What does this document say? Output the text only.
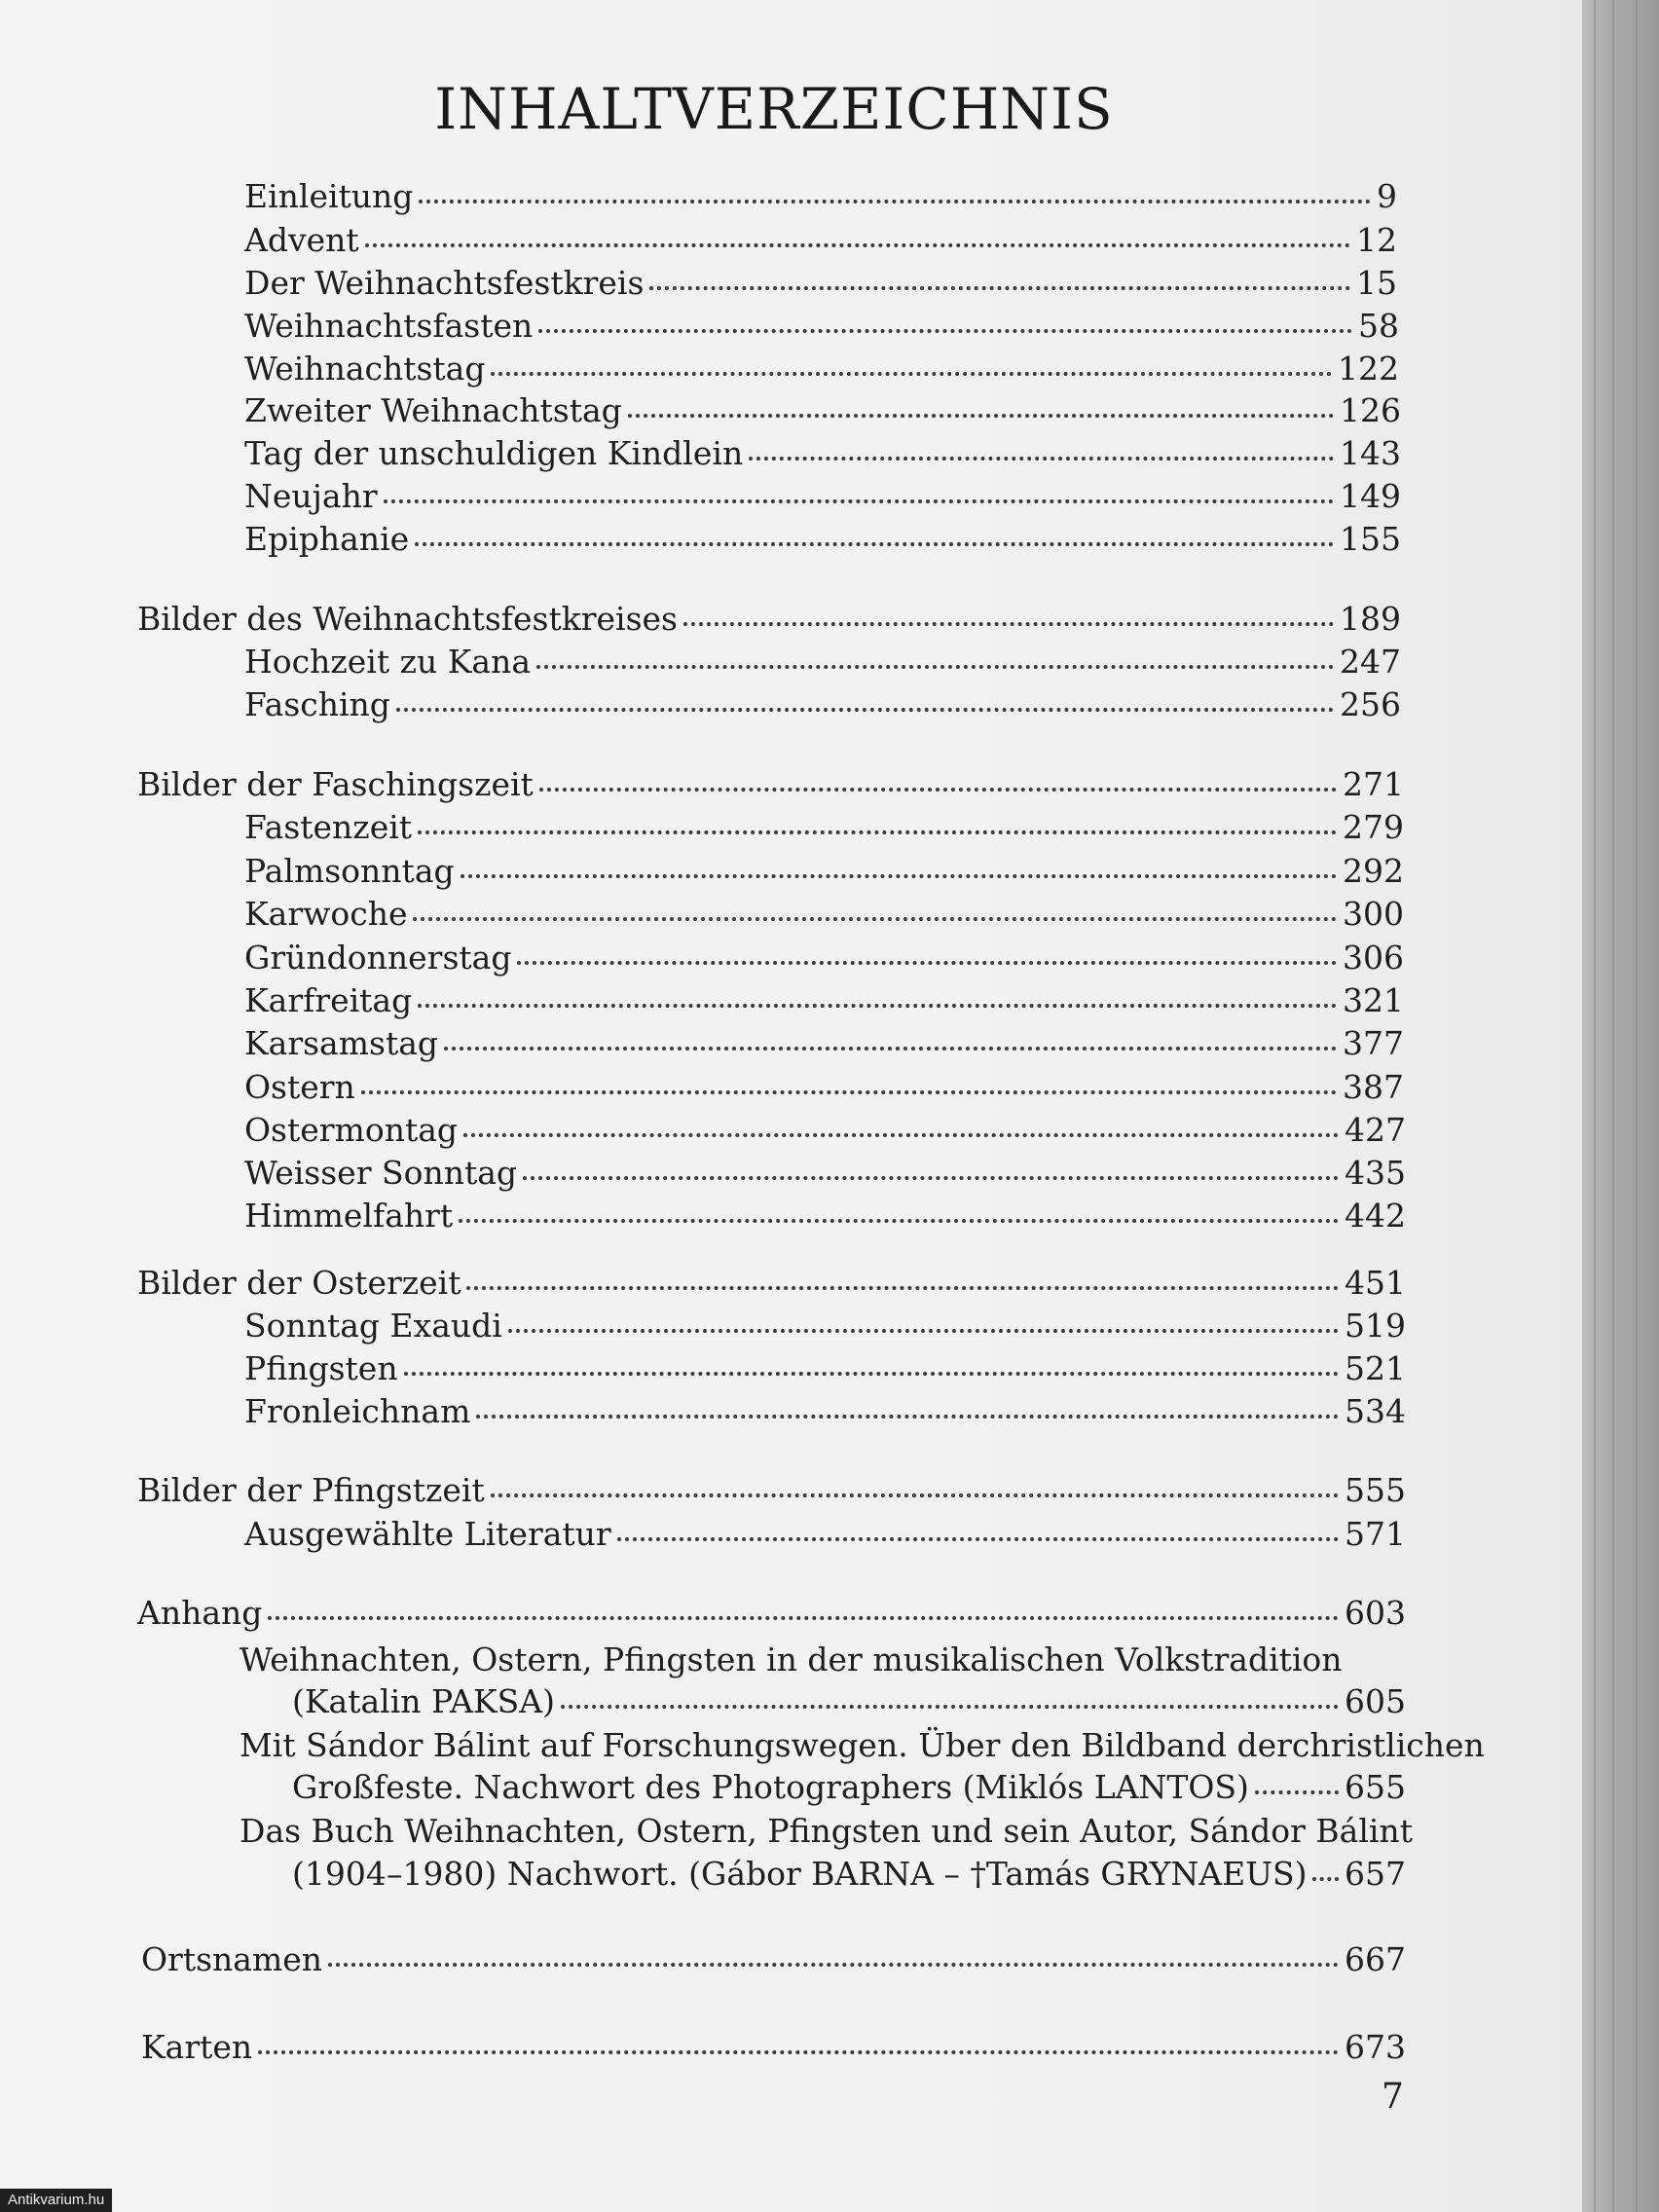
INHALTVERZEICHNIS
Einleitung	9
Advent	12
Der Weihnachtsfestkreis	15
Weihnachtsfasten	58
Weihnachtstag	122
Zweiter Weihnachtstag	126
Tag der unschuldigen Kindlein	143
Neujahr	149
Epiphanie	155
Bilder des Weihnachtsfestkreises	189
Hochzeit zu Kana	247
Fasching	256
Bilder der Faschingszeit	271
Fastenzeit	279
Palmsonntag	292
Karwoche	300
Gründonnerstag	306
Karfreitag	321
Karsamstag	377
Ostern	387
Ostermontag	427
Weisser Sonntag	435
Himmelfahrt	442
Bilder der Osterzeit	451
Sonntag Exaudi	519
Pfingsten	521
Fronleichnam	534
Bilder der Pfingstzeit	555
Ausgewählte Literatur	571
Anhang	603
Weihnachten, Ostern, Pfingsten in der musikalischen Volkstradition
(Katalin PAKSA)	605
Mit Sándor Bálint auf Forschungswegen. Über den Bildband derchristlichen
Großfeste. Nachwort des Photographers (Miklós LANTOS)	655
Das Buch Weihnachten, Ostern, Pfingsten und sein Autor, Sándor Bálint
(1904–1980) Nachwort. (Gábor BARNA – †Tamás GRYNAEUS) 657
Ortsnamen	667
Karten	673
7
Antikvarium.hu
